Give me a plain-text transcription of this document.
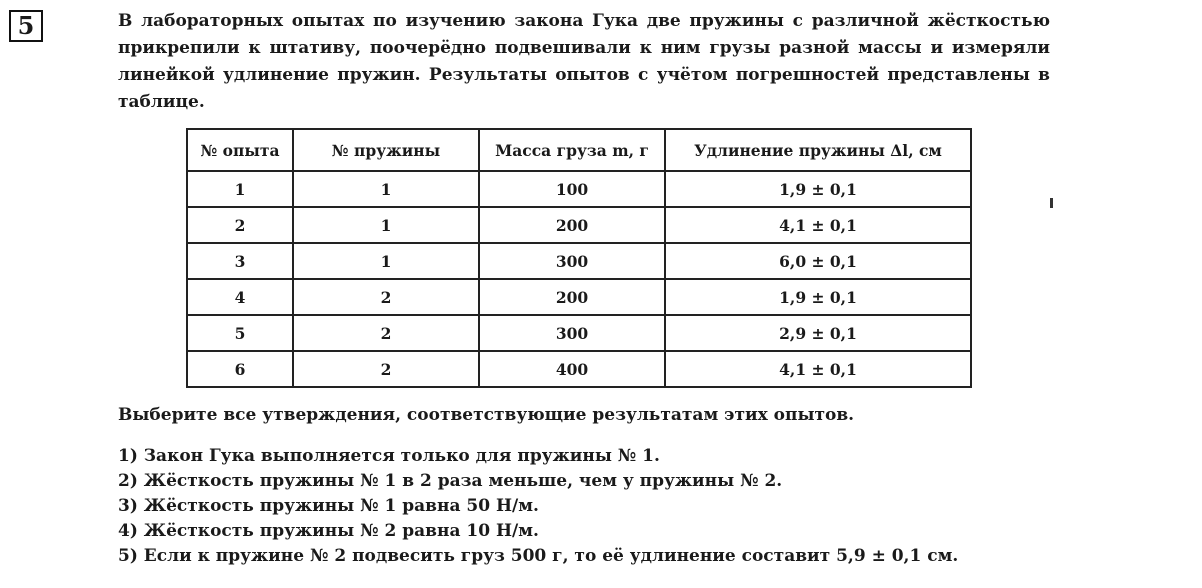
5	В лабораторных опытах по изучению закона Гука две пружины с различной жёсткостью прикрепили к штативу, поочерёдно подвешивали к ним грузы разной массы и измеряли линейкой удлинение пружин. Результаты опытов с учётом погрешностей представлены в таблице.

№ опыта	№ пружины	Масса груза m, г	Удлинение пружины Δl, см
1	1	100	1,9 ± 0,1
2	1	200	4,1 ± 0,1
3	1	300	6,0 ± 0,1
4	2	200	1,9 ± 0,1
5	2	300	2,9 ± 0,1
6	2	400	4,1 ± 0,1

Выберите все утверждения, соответствующие результатам этих опытов.

1) Закон Гука выполняется только для пружины № 1.
2) Жёсткость пружины № 1 в 2 раза меньше, чем у пружины № 2.
3) Жёсткость пружины № 1 равна 50 Н/м.
4) Жёсткость пружины № 2 равна 10 Н/м.
5) Если к пружине № 2 подвесить груз 500 г, то её удлинение составит 5,9 ± 0,1 см.
